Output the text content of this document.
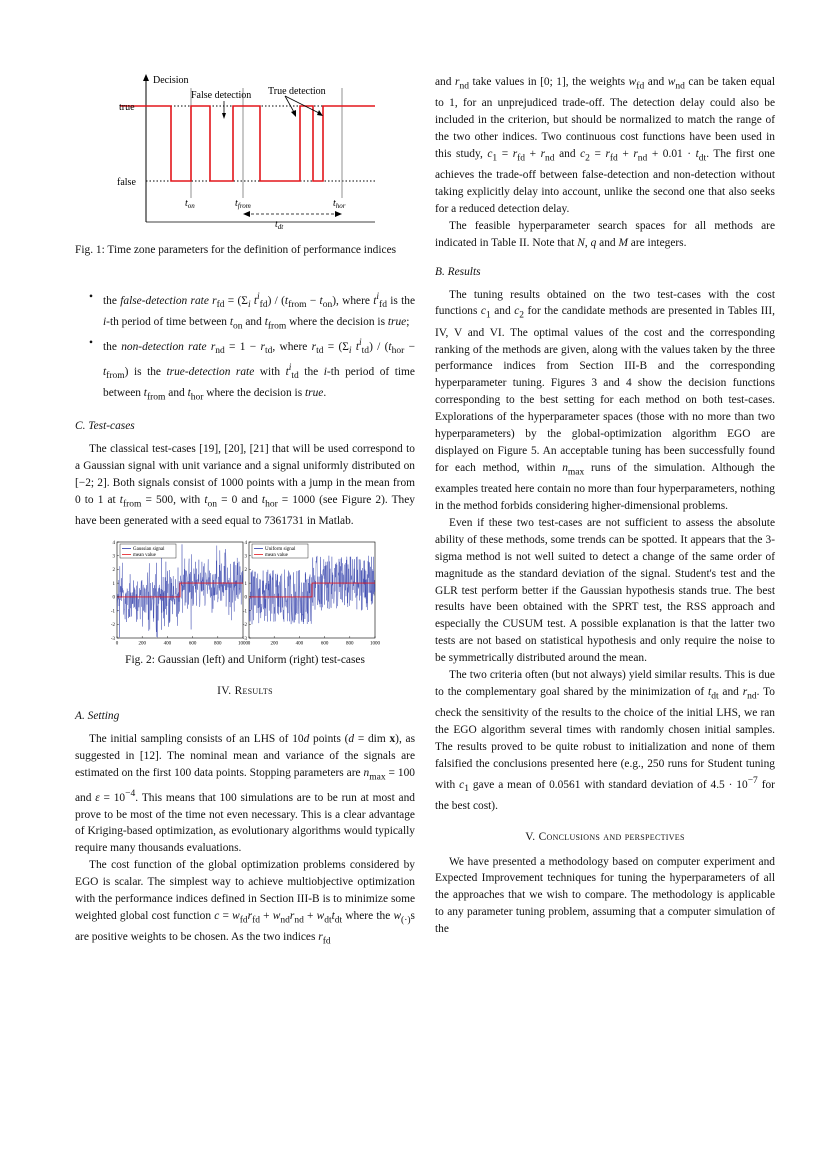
Decision
False detection True detection
true
false
$t_{on}$	$t_{from}$	$t_{hor}$
$t_{dt}$
Fig. 1: Time zone parameters for the definition of performance indices
• the false-detection rate $r_{fd} = (\Sigma_i$ $t^i_{fd}) / (t_{from} - t_{on})$, where $t^i_{fd}$ is the i-th period of time between $t_{on}$ and $t_{from}$ where the decision is true;
• the non-detection rate $r_{nd} = 1 - r_{td}$, where $r_{td} = (\Sigma_i$ $t^i_{td}) / (t_{hor} - t_{from})$ is the true-detection rate with $t^i_{td}$ the i-th period of time between $t_{from}$ and $t_{hor}$ where the decision is true.
C. Test-cases

The classical test-cases [19], [20], [21] that will be used correspond to a Gaussian signal with unit variance and a signal uniformly distributed on [−2; 2]. Both signals consist of 1000 points with a jump in the mean from 0 to 1 at $t_{from} = 500$, with $t_{on} = 0$ and $t_{hor} = 1000$ (see Figure 2). They have been generated with a seed equal to 7361731 in Matlab.

4
3
2
1
0
-1
-2
-3
0	200	400	600	800	1000
Gaussian signal
mean value
4
3
2
1
0
-1
-2
-3
0	200	400	600	800	1000
Uniform signal
mean value
Fig. 2: Gaussian (left) and Uniform (right) test-cases
IV. Results
A. Setting

The initial sampling consists of an LHS of 10d points (d = dim x), as suggested in [12]. The nominal mean and variance of the signals are estimated on the first 100 data points. Stopping parameters are $n_{max} = 100$ and $\varepsilon = 10^{-4}$. This means that 100 simulations are to be run at most and prove to be most of the time not even necessary. This is a clear advantage of Kriging-based optimization, as evolutionary algorithms would typically require many thousands evaluations.

The cost function of the global optimization problems considered by EGO is scalar. The simplest way to achieve multiobjective optimization with the performance indices defined in Section III-B is to minimize some weighted global cost function $c = w_{fd}r_{fd} + w_{nd}r_{nd} + w_{dt}t_{dt}$ where the $w_{(\cdot)}s$ are positive weights to be chosen. As the two indices $r_{fd}$

and $r_{nd}$ take values in [0; 1], the weights $w_{fd}$ and $w_{nd}$ can be taken equal to 1, for an unprejudiced trade-off. The detection delay could also be included in the criterion, but should be normalized to match the range of the two other indices. Two continuous cost functions have been used in this study, $c_1 = r_{fd} + r_{nd}$ and $c_2 = r_{fd} + r_{nd} + 0.01 \cdot t_{dt}$. The first one achieves the trade-off between false-detection and non-detection without taking explicitly delay into account, unlike the second one that also seeks for a reduced detection delay.

The feasible hyperparameter search spaces for all methods are indicated in Table II. Note that N, q and M are integers.

B. Results

The tuning results obtained on the two test-cases with the cost functions $c_1$ and $c_2$ for the candidate methods are presented in Tables III, IV, V and VI. The optimal values of the cost and the corresponding ranking of the methods are given, along with the values taken by the three performance indices from Section III-B and the corresponding hyperparameter tuning. Figures 3 and 4 show the decision functions corresponding to the best setting for each method on both test-cases. Explorations of the hyperparameter spaces (those with no more than two hyperparameters) by the global-optimization algorithm EGO are displayed on Figure 5. An acceptable tuning has been successfully found for each method, within $n_{max}$ runs of the simulation. Although the examples treated here contain no more than four hyperparameters, nothing in the method forbids considering higher-dimensional problems.

Even if these two test-cases are not sufficient to assess the absolute ability of these methods, some trends can be spotted. It appears that the 3-sigma method is not well suited to detect a change of the same order of magnitude as the standard deviation of the signal. Student's test and the GLR test perform better if the Gaussian hypothesis stands true. The best results have been obtained with the SPRT test, the RSS approach and especially the CUSUM test. A possible explanation is that the latter two tests are not based on statistical hypothesis and only require the noise to be symmetrically distributed around the mean.

The two criteria often (but not always) yield similar results. This is due to the complementary goal shared by the minimization of $t_{dt}$ and $r_{nd}$. To check the sensitivity of the results to the choice of the initial LHS, we ran the EGO algorithm several times with randomly chosen initial samples. The results proved to be quite robust to initialization and none of them falsified the conclusions presented here (e.g., 250 runs for Student tuning with $c_1$ gave a mean of 0.0561 with standard deviation of $4.5 \cdot 10^{-7}$ for the best cost).

V. Conclusions and perspectives

We have presented a methodology based on computer experiment and Expected Improvement techniques for tuning the hyperparameters of all the approaches that we wish to compare. The methodology is applicable to any parameter tuning problem, assuming that a computer simulation of the
